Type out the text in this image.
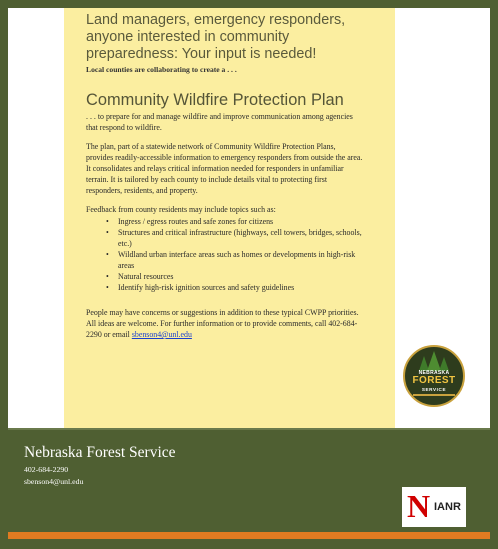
Land managers, emergency responders, anyone interested in community preparedness: Your input is needed!
Local counties are collaborating to create a . . .
Community Wildfire Protection Plan
. . . to prepare for and manage wildfire and improve communication among agencies that respond to wildfire.
The plan, part of a statewide network of Community Wildfire Protection Plans, provides readily-accessible information to emergency responders from outside the area. It consolidates and relays critical information needed for responders in unfamiliar terrain. It is tailored by each county to include details vital to protecting first responders, residents, and property.
Feedback from county residents may include topics such as:
• Ingress / egress routes and safe zones for citizens
• Structures and critical infrastructure (highways, cell towers, bridges, schools, etc.)
• Wildland urban interface areas such as homes or developments in high-risk areas
• Natural resources
• Identify high-risk ignition sources and safety guidelines
People may have concerns or suggestions in addition to these typical CWPP priorities. All ideas are welcome. For further information or to provide comments, call 402-684-2290 or email sbenson4@unl.edu
NEBRASKA
FOREST
SERVICE
Nebraska Forest Service
402-684-2290
sbenson4@unl.edu
N IANR
